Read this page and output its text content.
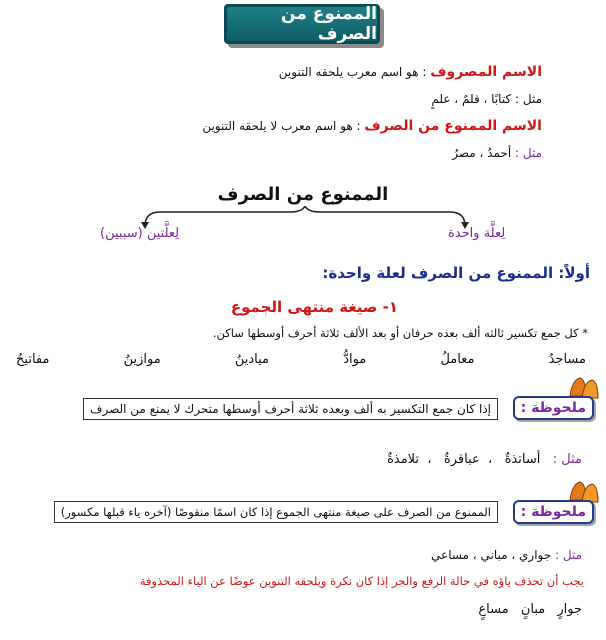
الممنوع من الصرف
الاسم المصروف : هو اسم معرب يلحقه التنوين
مثل : كتابًا ، قلمٌ ، علمٍ
الاسم الممنوع من الصرف : هو اسم معرب لا يلحقه التنوين
مثل : أحمدُ ، مصرُ
الممنوع من الصرف
لِعلَّتين (سببين)	لِعلَّة واحدة
أولاً: الممنوع من الصرف لعلة واحدة:
١- صيغة منتهى الجموع
* كل جمع تكسير ثالثه ألف بعده حرفان أو بعد الألف ثلاثة أحرف أوسطها ساكن.
مساجدُ
معاملُ
موادُّ
ميادينُ
موازينُ
مفاتيحُ
ملحوظة :
إذا كان جمع التكسير به ألف وبعده ثلاثة أحرف أوسطها متحرك لا يمنع من الصرف
مثل :   أساتذةٌ   ،  عباقرةٌ   ،  تلامذةٌ
ملحوظة :
الممنوع من الصرف على صيغة منتهى الجموع إذا كان اسمًا منقوصًا (آخره ياء قبلها مكسور)
مثل : جواري ، مباني ، مساعي
يجب أن تحذف ياؤه في حالة الرفع والجر إذا كان نكرة ويلحقه التنوين عوضًا عن الياء المحذوفة
جوارٍ مبانٍ مساعٍ
